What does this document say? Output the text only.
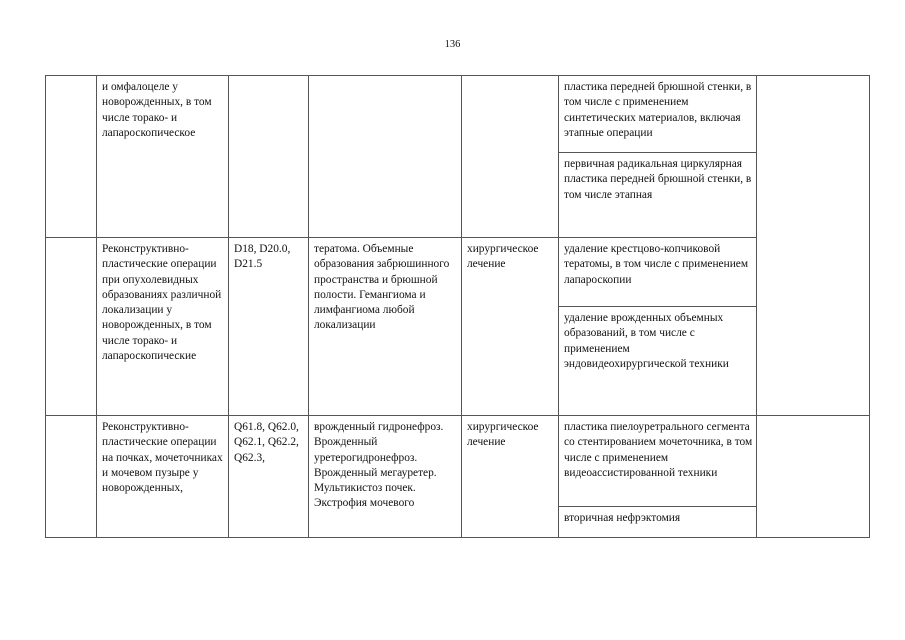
136
	и омфалоцеле у новорожденных, в том числе торако- и лапароскопическое				пластика передней брюшной стенки, в том числе с применением синтетических материалов, включая этапные операции	
					первичная радикальная циркулярная пластика передней брюшной стенки, в том числе этапная	
	Реконструктивно-пластические операции при опухолевидных образованиях различной локализации у новорожденных, в том числе торако- и лапароскопические	D18, D20.0, D21.5	тератома. Объемные образования забрюшинного пространства и брюшной полости. Гемангиома и лимфангиома любой локализации	хирургическое лечение	удаление крестцово-копчиковой тератомы, в том числе с применением лапароскопии	
					удаление врожденных объемных образований, в том числе с применением эндовидеохирургической техники	
	Реконструктивно-пластические операции на почках, мочеточниках и мочевом пузыре у новорожденных,	Q61.8, Q62.0, Q62.1, Q62.2, Q62.3,	врожденный гидронефроз. Врожденный уретерогидронефроз. Врожденный мегауретер. Мультикистоз почек. Экстрофия мочевого	хирургическое лечение	пластика пиелоуретрального сегмента со стентированием мочеточника, в том числе с применением видеоассистированной техники	
					вторичная нефрэктомия	
